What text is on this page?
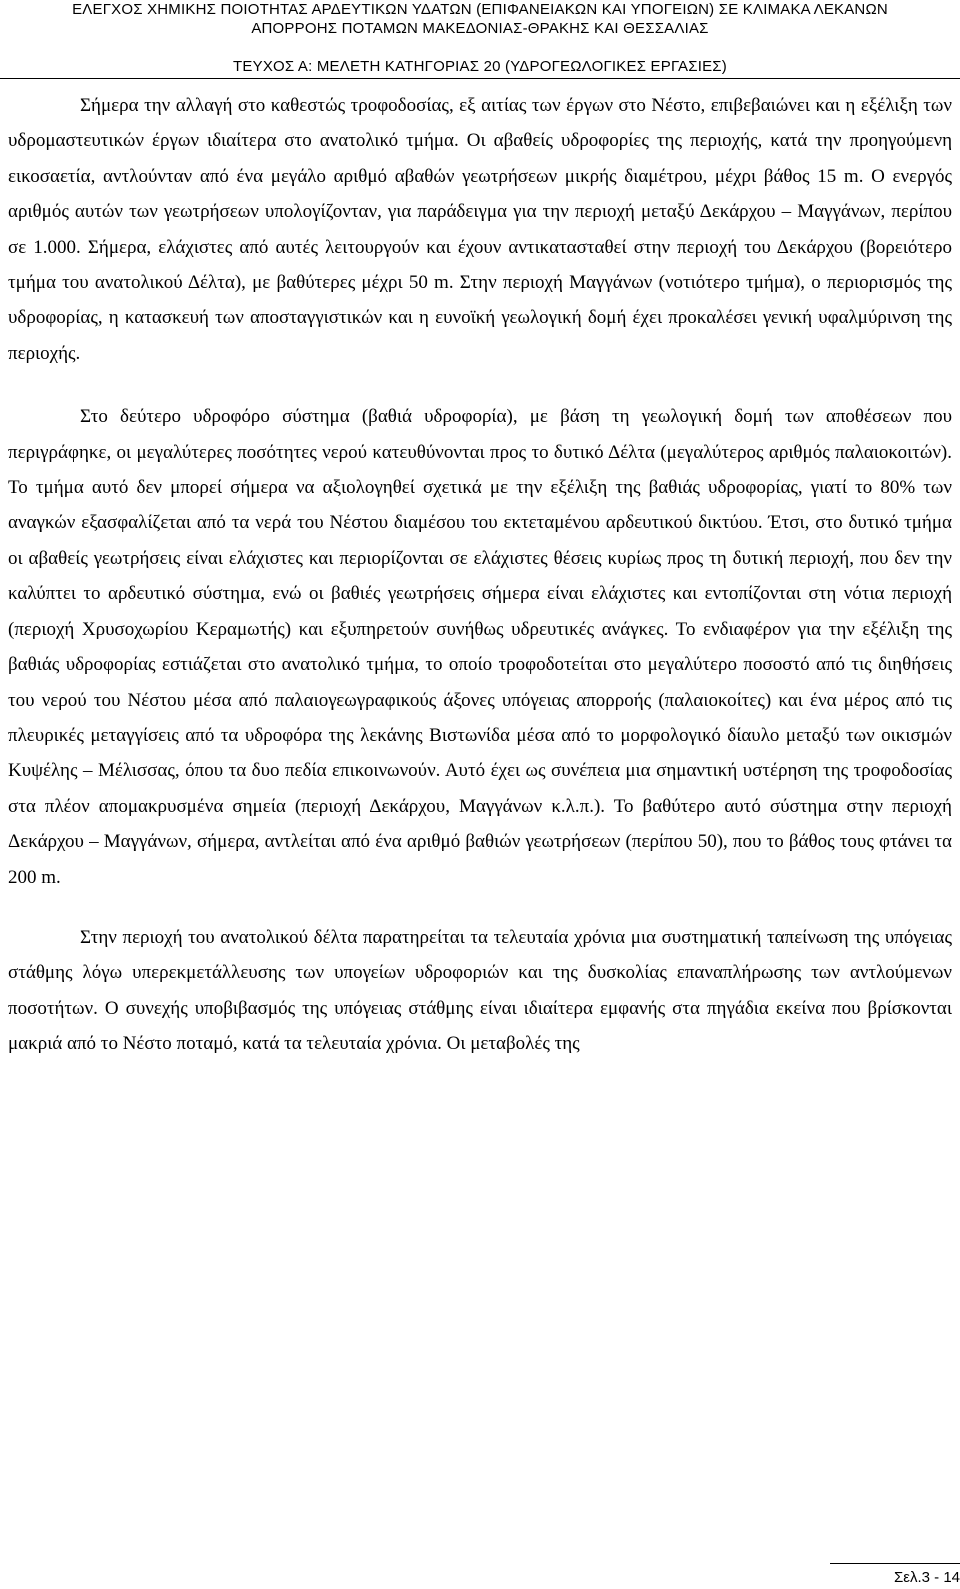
ΕΛΕΓΧΟΣ ΧΗΜΙΚΗΣ ΠΟΙΟΤΗΤΑΣ ΑΡΔΕΥΤΙΚΩΝ ΥΔΑΤΩΝ (ΕΠΙΦΑΝΕΙΑΚΩΝ ΚΑΙ ΥΠΟΓΕΙΩΝ) ΣΕ ΚΛΙΜΑΚΑ ΛΕΚΑΝΩΝ
ΑΠΟΡΡΟΗΣ ΠΟΤΑΜΩΝ ΜΑΚΕΔΟΝΙΑΣ-ΘΡΑΚΗΣ ΚΑΙ ΘΕΣΣΑΛΙΑΣ
ΤΕΥΧΟΣ Α: ΜΕΛΕΤΗ ΚΑΤΗΓΟΡΙΑΣ 20 (ΥΔΡΟΓΕΩΛΟΓΙΚΕΣ ΕΡΓΑΣΙΕΣ)

Σήμερα την αλλαγή στο καθεστώς τροφοδοσίας, εξ αιτίας των έργων στο Νέστο, επιβεβαιώνει και η εξέλιξη των υδρομαστευτικών έργων ιδιαίτερα στο ανατολικό τμήμα. Οι αβαθείς υδροφορίες της περιοχής, κατά την προηγούμενη εικοσαετία, αντλούνταν από ένα μεγάλο αριθμό αβαθών γεωτρήσεων μικρής διαμέτρου, μέχρι βάθος 15 m. Ο ενεργός αριθμός αυτών των γεωτρήσεων υπολογίζονταν, για παράδειγμα για την περιοχή μεταξύ Δεκάρχου – Μαγγάνων, περίπου σε 1.000. Σήμερα, ελάχιστες από αυτές λειτουργούν και έχουν αντικατασταθεί στην περιοχή του Δεκάρχου (βορειότερο τμήμα του ανατολικού Δέλτα), με βαθύτερες μέχρι 50 m. Στην περιοχή Μαγγάνων (νοτιότερο τμήμα), ο περιορισμός της υδροφορίας, η κατασκευή των αποσταγγιστικών και η ευνοϊκή γεωλογική δομή έχει προκαλέσει γενική υφαλμύρινση της περιοχής.

Στο δεύτερο υδροφόρο σύστημα (βαθιά υδροφορία), με βάση τη γεωλογική δομή των αποθέσεων που περιγράφηκε, οι μεγαλύτερες ποσότητες νερού κατευθύνονται προς το δυτικό Δέλτα (μεγαλύτερος αριθμός παλαιοκοιτών). Το τμήμα αυτό δεν μπορεί σήμερα να αξιολογηθεί σχετικά με την εξέλιξη της βαθιάς υδροφορίας, γιατί το 80% των αναγκών εξασφαλίζεται από τα νερά του Νέστου διαμέσου του εκτεταμένου αρδευτικού δικτύου. Έτσι, στο δυτικό τμήμα οι αβαθείς γεωτρήσεις είναι ελάχιστες και περιορίζονται σε ελάχιστες θέσεις κυρίως προς τη δυτική περιοχή, που δεν την καλύπτει το αρδευτικό σύστημα, ενώ οι βαθιές γεωτρήσεις σήμερα είναι ελάχιστες και εντοπίζονται στη νότια περιοχή (περιοχή Χρυσοχωρίου Κεραμωτής) και εξυπηρετούν συνήθως υδρευτικές ανάγκες. Το ενδιαφέρον για την εξέλιξη της βαθιάς υδροφορίας εστιάζεται στο ανατολικό τμήμα, το οποίο τροφοδοτείται στο μεγαλύτερο ποσοστό από τις διηθήσεις του νερού του Νέστου μέσα από παλαιογεωγραφικούς άξονες υπόγειας απορροής (παλαιοκοίτες) και ένα μέρος από τις πλευρικές μεταγγίσεις από τα υδροφόρα της λεκάνης Βιστωνίδα μέσα από το μορφολογικό δίαυλο μεταξύ των οικισμών Κυψέλης – Μέλισσας, όπου τα δυο πεδία επικοινωνούν. Αυτό έχει ως συνέπεια μια σημαντική υστέρηση της τροφοδοσίας στα πλέον απομακρυσμένα σημεία (περιοχή Δεκάρχου, Μαγγάνων κ.λ.π.). Το βαθύτερο αυτό σύστημα στην περιοχή Δεκάρχου – Μαγγάνων, σήμερα, αντλείται από ένα αριθμό βαθιών γεωτρήσεων (περίπου 50), που το βάθος τους φτάνει τα 200 m.

Στην περιοχή του ανατολικού δέλτα παρατηρείται τα τελευταία χρόνια μια συστηματική ταπείνωση της υπόγειας στάθμης λόγω υπερεκμετάλλευσης των υπογείων υδροφοριών και της δυσκολίας επαναπλήρωσης των αντλούμενων ποσοτήτων. Ο συνεχής υποβιβασμός της υπόγειας στάθμης είναι ιδιαίτερα εμφανής στα πηγάδια εκείνα που βρίσκονται μακριά από το Νέστο ποταμό, κατά τα τελευταία χρόνια. Οι μεταβολές της

Σελ.3 - 14
